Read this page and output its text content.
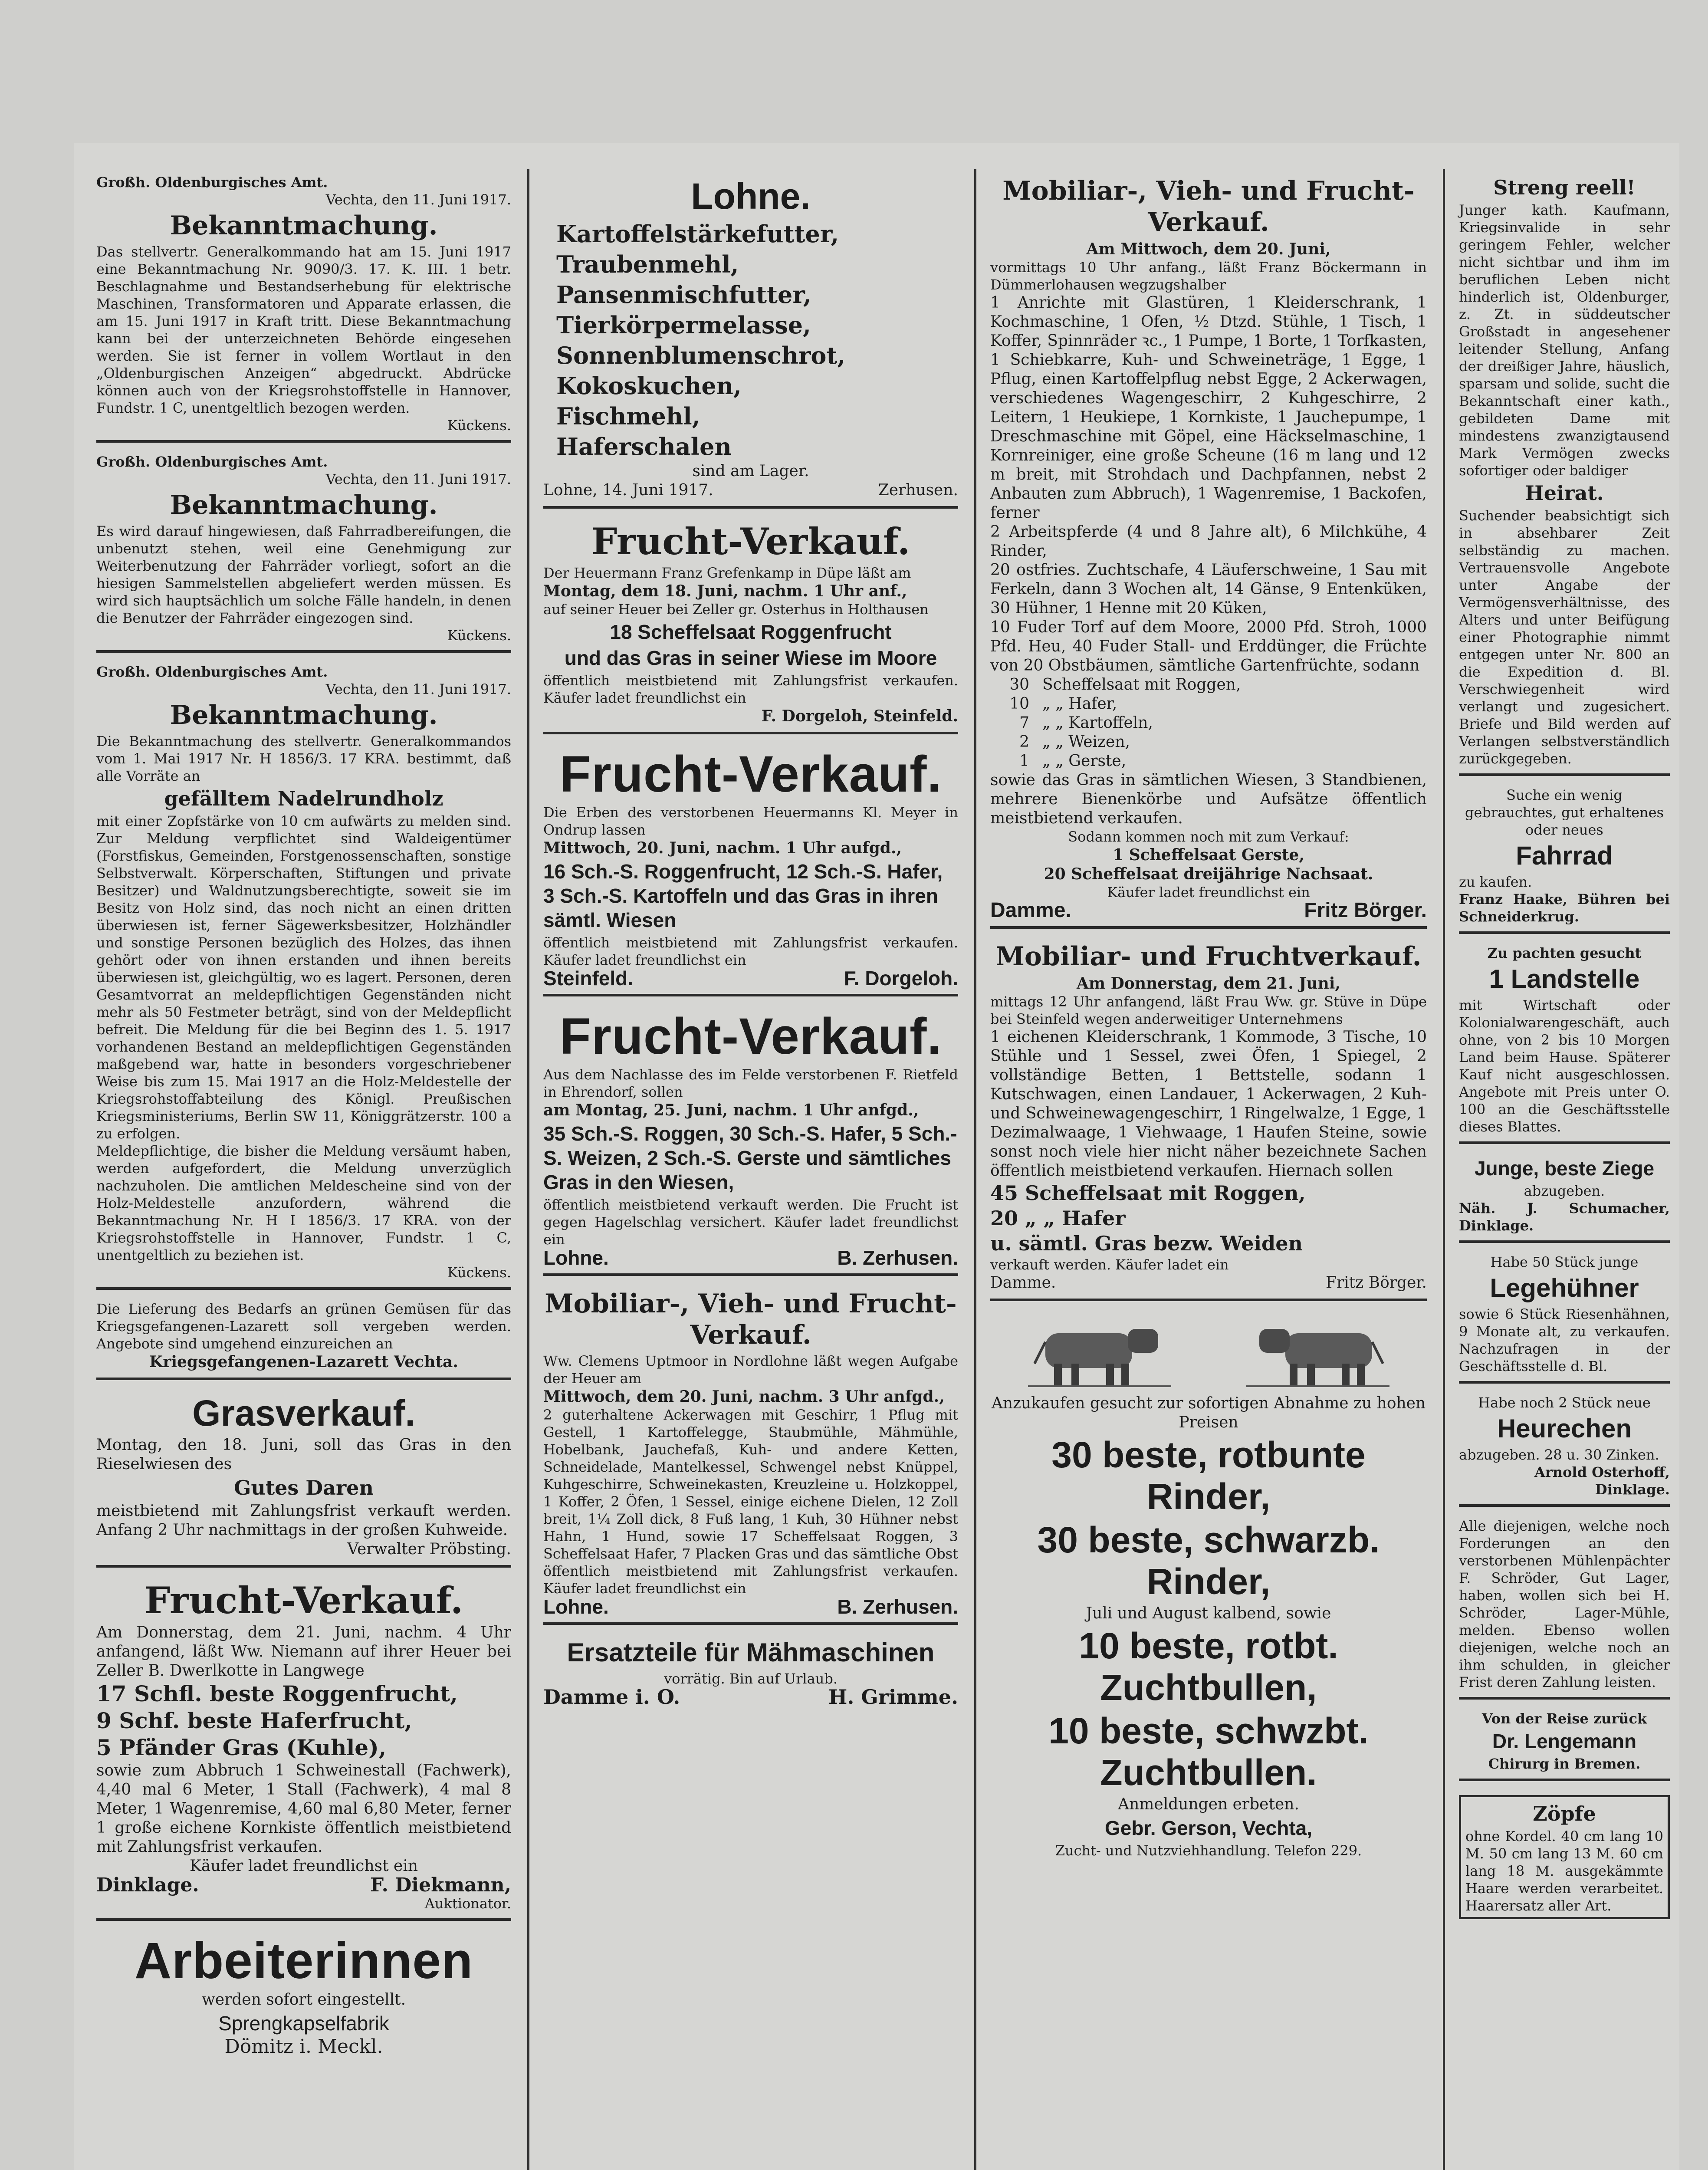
Großh. Oldenburgisches Amt.

Vechta, den 11. Juni 1917.

Bekanntmachung.

Das stellvertr. Generalkommando hat am 15. Juni 1917 eine Bekanntmachung Nr. 9090/3. 17. K. III. 1 betr. Beschlagnahme und Bestandserhebung für elektrische Maschinen, Transformatoren und Apparate erlassen, die am 15. Juni 1917 in Kraft tritt. Diese Bekanntmachung kann bei der unterzeichneten Behörde eingesehen werden. Sie ist ferner in vollem Wortlaut in den „Oldenburgischen Anzeigen“ abgedruckt. Abdrücke können auch von der Kriegsrohstoffstelle in Hannover, Fundstr. 1 C, unentgeltlich bezogen werden.

Kückens.

Großh. Oldenburgisches Amt.

Vechta, den 11. Juni 1917.

Bekanntmachung.

Es wird darauf hingewiesen, daß Fahrradbereifungen, die unbenutzt stehen, weil eine Genehmigung zur Weiterbenutzung der Fahrräder vorliegt, sofort an die hiesigen Sammelstellen abgeliefert werden müssen. Es wird sich hauptsächlich um solche Fälle handeln, in denen die Benutzer der Fahrräder eingezogen sind.

Kückens.

Großh. Oldenburgisches Amt.

Vechta, den 11. Juni 1917.

Bekanntmachung.

Die Bekanntmachung des stellvertr. Generalkommandos vom 1. Mai 1917 Nr. H 1856/3. 17 KRA. bestimmt, daß alle Vorräte an

gefälltem Nadelrundholz

mit einer Zopfstärke von 10 cm aufwärts zu melden sind. Zur Meldung verpflichtet sind Waldeigentümer (Forstfiskus, Gemeinden, Forstgenossenschaften, sonstige Selbstverwalt. Körperschaften, Stiftungen und private Besitzer) und Waldnutzungsberechtigte, soweit sie im Besitz von Holz sind, das noch nicht an einen dritten überwiesen ist, ferner Sägewerksbesitzer, Holzhändler und sonstige Personen bezüglich des Holzes, das ihnen gehört oder von ihnen erstanden und ihnen bereits überwiesen ist, gleichgültig, wo es lagert. Personen, deren Gesamtvorrat an meldepflichtigen Gegenständen nicht mehr als 50 Festmeter beträgt, sind von der Meldepflicht befreit. Die Meldung für die bei Beginn des 1. 5. 1917 vorhandenen Bestand an meldepflichtigen Gegenständen maßgebend war, hatte in besonders vorgeschriebener Weise bis zum 15. Mai 1917 an die Holz-Meldestelle der Kriegsrohstoffabteilung des Königl. Preußischen Kriegsministeriums, Berlin SW 11, Königgrätzerstr. 100 a zu erfolgen.

Meldepflichtige, die bisher die Meldung versäumt haben, werden aufgefordert, die Meldung unverzüglich nachzuholen. Die amtlichen Meldescheine sind von der Holz-Meldestelle anzufordern, während die Bekanntmachung Nr. H I 1856/3. 17 KRA. von der Kriegsrohstoffstelle in Hannover, Fundstr. 1 C, unentgeltlich zu beziehen ist.

Kückens.

Die Lieferung des Bedarfs an grünen Gemüsen für das Kriegsgefangenen-Lazarett soll vergeben werden. Angebote sind umgehend einzureichen an

Kriegsgefangenen-Lazarett Vechta.

Grasverkauf.

Montag, den 18. Juni, soll das Gras in den Rieselwiesen des

Gutes Daren

meistbietend mit Zahlungsfrist verkauft werden. Anfang 2 Uhr nachmittags in der großen Kuhweide.

Verwalter Pröbsting.

Frucht-Verkauf.

Am Donnerstag, dem 21. Juni, nachm. 4 Uhr anfangend, läßt Ww. Niemann auf ihrer Heuer bei Zeller B. Dwerlkotte in Langwege

17 Schfl. beste Roggenfrucht,

9 Schf. beste Haferfrucht,

5 Pfänder Gras (Kuhle),

sowie zum Abbruch 1 Schweinestall (Fachwerk), 4,40 mal 6 Meter, 1 Stall (Fachwerk), 4 mal 8 Meter, 1 Wagenremise, 4,60 mal 6,80 Meter, ferner 1 große eichene Kornkiste öffentlich meistbietend mit Zahlungsfrist verkaufen.

Käufer ladet freundlichst ein

Dinklage.	F. Diekmann,

Auktionator.

Arbeiterinnen

werden sofort eingestellt.

Sprengkapselfabrik

Dömitz i. Meckl.

Lohne.

Kartoffelstärkefutter,

Traubenmehl,

Pansenmischfutter,

Tierkörpermelasse,

Sonnenblumenschrot,

Kokoskuchen,

Fischmehl,

Haferschalen

sind am Lager.

Lohne, 14. Juni 1917.	Zerhusen.
Frucht-Verkauf.

Der Heuermann Franz Grefenkamp in Düpe läßt am

Montag, dem 18. Juni, nachm. 1 Uhr anf.,

auf seiner Heuer bei Zeller gr. Osterhus in Holthausen

18 Scheffelsaat Roggenfrucht
und das Gras in seiner Wiese im Moore

öffentlich meistbietend mit Zahlungsfrist verkaufen. Käufer ladet freundlichst ein

F. Dorgeloh, Steinfeld.

Frucht-Verkauf.

Die Erben des verstorbenen Heuermanns Kl. Meyer in Ondrup lassen

Mittwoch, 20. Juni, nachm. 1 Uhr aufgd.,

16 Sch.-S. Roggenfrucht, 12 Sch.-S. Hafer, 3 Sch.-S. Kartoffeln und das Gras in ihren sämtl. Wiesen

öffentlich meistbietend mit Zahlungsfrist verkaufen. Käufer ladet freundlichst ein

Steinfeld.	F. Dorgeloh.
Frucht-Verkauf.

Aus dem Nachlasse des im Felde verstorbenen F. Rietfeld in Ehrendorf, sollen

am Montag, 25. Juni, nachm. 1 Uhr anfgd.,

35 Sch.-S. Roggen, 30 Sch.-S. Hafer, 5 Sch.-S. Weizen, 2 Sch.-S. Gerste und sämtliches Gras in den Wiesen,

öffentlich meistbietend verkauft werden. Die Frucht ist gegen Hagelschlag versichert. Käufer ladet freundlichst ein

Lohne.	B. Zerhusen.
Mobiliar-, Vieh- und Frucht-Verkauf.

Ww. Clemens Uptmoor in Nordlohne läßt wegen Aufgabe der Heuer am

Mittwoch, dem 20. Juni, nachm. 3 Uhr anfgd.,

2 guterhaltene Ackerwagen mit Geschirr, 1 Pflug mit Gestell, 1 Kartoffelegge, Staubmühle, Mähmühle, Hobelbank, Jauchefaß, Kuh- und andere Ketten, Schneidelade, Mantelkessel, Schwengel nebst Knüppel, Kuhgeschirre, Schweinekasten, Kreuzleine u. Holzkoppel, 1 Koffer, 2 Öfen, 1 Sessel, einige eichene Dielen, 12 Zoll breit, 1¼ Zoll dick, 8 Fuß lang, 1 Kuh, 30 Hühner nebst Hahn, 1 Hund, sowie 17 Scheffelsaat Roggen, 3 Scheffelsaat Hafer, 7 Placken Gras und das sämtliche Obst öffentlich meistbietend mit Zahlungsfrist verkaufen. Käufer ladet freundlichst ein

Lohne.	B. Zerhusen.
Ersatzteile für Mähmaschinen

vorrätig. Bin auf Urlaub.

Damme i. O.	H. Grimme.
Mobiliar-, Vieh- und Frucht-Verkauf.

Am Mittwoch, dem 20. Juni,

vormittags 10 Uhr anfang., läßt Franz Böckermann in Dümmerlohausen wegzugshalber

1 Anrichte mit Glastüren, 1 Kleiderschrank, 1 Kochmaschine, 1 Ofen, ½ Dtzd. Stühle, 1 Tisch, 1 Koffer, Spinnräder ꝛc., 1 Pumpe, 1 Borte, 1 Torfkasten, 1 Schiebkarre, Kuh- und Schweineträge, 1 Egge, 1 Pflug, einen Kartoffelpflug nebst Egge, 2 Ackerwagen, verschiedenes Wagengeschirr, 2 Kuhgeschirre, 2 Leitern, 1 Heukiepe, 1 Kornkiste, 1 Jauchepumpe, 1 Dreschmaschine mit Göpel, eine Häckselmaschine, 1 Kornreiniger, eine große Scheune (16 m lang und 12 m breit, mit Strohdach und Dachpfannen, nebst 2 Anbauten zum Abbruch), 1 Wagenremise, 1 Backofen, ferner

2 Arbeitspferde (4 und 8 Jahre alt), 6 Milchkühe, 4 Rinder,

20 ostfries. Zuchtschafe, 4 Läuferschweine, 1 Sau mit Ferkeln, dann 3 Wochen alt, 14 Gänse, 9 Entenküken, 30 Hühner, 1 Henne mit 20 Küken,

10 Fuder Torf auf dem Moore, 2000 Pfd. Stroh, 1000 Pfd. Heu, 40 Fuder Stall- und Erddünger, die Früchte von 20 Obstbäumen, sämtliche Gartenfrüchte, sodann

30 Scheffelsaat mit Roggen,
10 „ „ Hafer,
7 „ „ Kartoffeln,
2 „ „ Weizen,
1 „ „ Gerste,

sowie das Gras in sämtlichen Wiesen, 3 Standbienen, mehrere Bienenkörbe und Aufsätze öffentlich meistbietend verkaufen.

Sodann kommen noch mit zum Verkauf:

1 Scheffelsaat Gerste,

20 Scheffelsaat dreijährige Nachsaat.

Käufer ladet freundlichst ein

Damme.	Fritz Börger.
Mobiliar- und Fruchtverkauf.

Am Donnerstag, dem 21. Juni,

mittags 12 Uhr anfangend, läßt Frau Ww. gr. Stüve in Düpe bei Steinfeld wegen anderweitiger Unternehmens

1 eichenen Kleiderschrank, 1 Kommode, 3 Tische, 10 Stühle und 1 Sessel, zwei Öfen, 1 Spiegel, 2 vollständige Betten, 1 Bettstelle, sodann 1 Kutschwagen, einen Landauer, 1 Ackerwagen, 2 Kuh- und Schweinewagengeschirr, 1 Ringelwalze, 1 Egge, 1 Dezimalwaage, 1 Viehwaage, 1 Haufen Steine, sowie sonst noch viele hier nicht näher bezeichnete Sachen öffentlich meistbietend verkaufen. Hiernach sollen

45 Scheffelsaat mit Roggen,

20 „ „ Hafer

u. sämtl. Gras bezw. Weiden

verkauft werden. Käufer ladet ein

Damme.	Fritz Börger.

Anzukaufen gesucht zur sofortigen Abnahme zu hohen Preisen

30 beste, rotbunte Rinder,
30 beste, schwarzb. Rinder,

Juli und August kalbend, sowie

10 beste, rotbt. Zuchtbullen,
10 beste, schwzbt. Zuchtbullen.

Anmeldungen erbeten.

Gebr. Gerson, Vechta,

Zucht- und Nutzviehhandlung. Telefon 229.

Streng reell!

Junger kath. Kaufmann, Kriegsinvalide in sehr geringem Fehler, welcher nicht sichtbar und ihm im beruflichen Leben nicht hinderlich ist, Oldenburger, z. Zt. in süddeutscher Großstadt in angesehener leitender Stellung, Anfang der dreißiger Jahre, häuslich, sparsam und solide, sucht die Bekanntschaft einer kath., gebildeten Dame mit mindestens zwanzigtausend Mark Vermögen zwecks sofortiger oder baldiger

Heirat.

Suchender beabsichtigt sich in absehbarer Zeit selbständig zu machen. Vertrauensvolle Angebote unter Angabe der Vermögensverhältnisse, des Alters und unter Beifügung einer Photographie nimmt entgegen unter Nr. 800 an die Expedition d. Bl. Verschwiegenheit wird verlangt und zugesichert. Briefe und Bild werden auf Verlangen selbstverständlich zurückgegeben.

Suche ein wenig gebrauchtes, gut erhaltenes oder neues

Fahrrad

zu kaufen.

Franz Haake, Bühren bei Schneiderkrug.

Zu pachten gesucht

1 Landstelle

mit Wirtschaft oder Kolonialwarengeschäft, auch ohne, von 2 bis 10 Morgen Land beim Hause. Späterer Kauf nicht ausgeschlossen. Angebote mit Preis unter O. 100 an die Geschäftsstelle dieses Blattes.

Junge, beste Ziege

abzugeben.

Näh. J. Schumacher, Dinklage.

Habe 50 Stück junge

Legehühner

sowie 6 Stück Riesenhähnen, 9 Monate alt, zu verkaufen. Nachzufragen in der Geschäftsstelle d. Bl.

Habe noch 2 Stück neue

Heurechen

abzugeben. 28 u. 30 Zinken.

Arnold Osterhoff, Dinklage.

Alle diejenigen, welche noch Forderungen an den verstorbenen Mühlenpächter F. Schröder, Gut Lager, haben, wollen sich bei H. Schröder, Lager-Mühle, melden. Ebenso wollen diejenigen, welche noch an ihm schulden, in gleicher Frist deren Zahlung leisten.

Von der Reise zurück

Dr. Lengemann

Chirurg in Bremen.

Zöpfe

ohne Kordel. 40 cm lang 10 M. 50 cm lang 13 M. 60 cm lang 18 M. ausgekämmte Haare werden verarbeitet. Haarersatz aller Art.
